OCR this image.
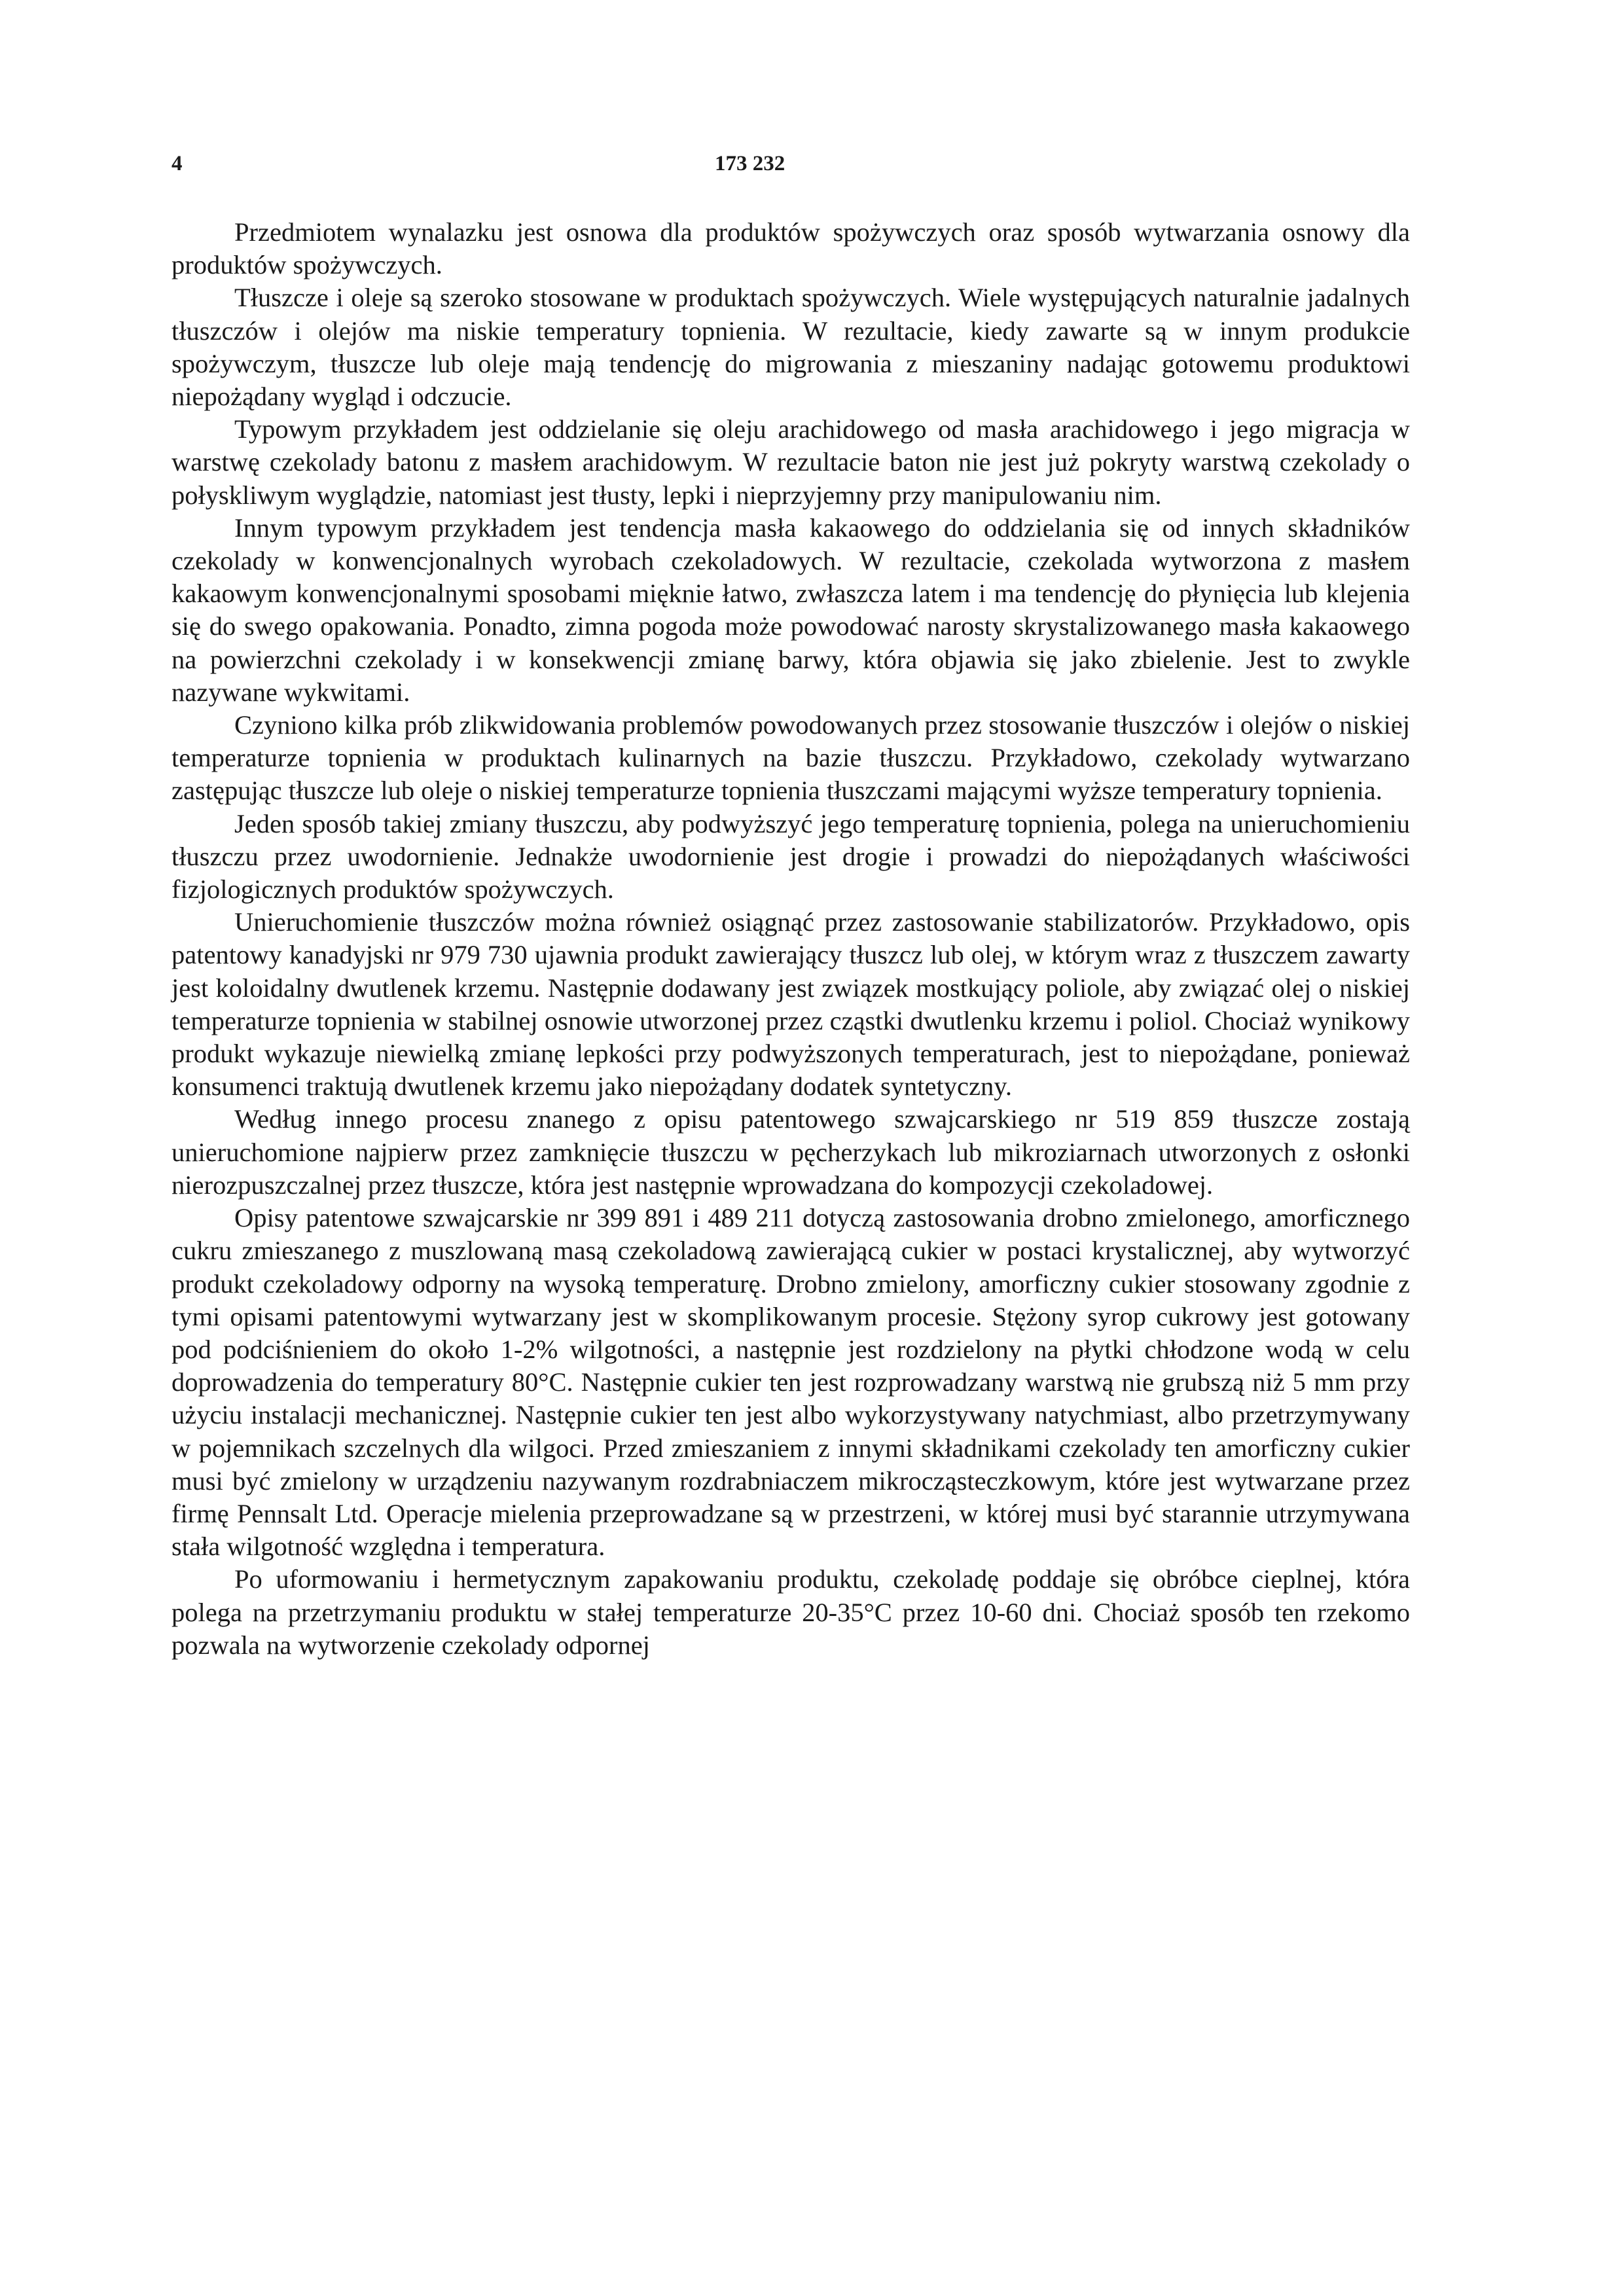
4	173 232

Przedmiotem wynalazku jest osnowa dla produktów spożywczych oraz sposób wytwarzania osnowy dla produktów spożywczych.

Tłuszcze i oleje są szeroko stosowane w produktach spożywczych. Wiele występujących naturalnie jadalnych tłuszczów i olejów ma niskie temperatury topnienia. W rezultacie, kiedy zawarte są w innym produkcie spożywczym, tłuszcze lub oleje mają tendencję do migrowania z mieszaniny nadając gotowemu produktowi niepożądany wygląd i odczucie.

Typowym przykładem jest oddzielanie się oleju arachidowego od masła arachidowego i jego migracja w warstwę czekolady batonu z masłem arachidowym. W rezultacie baton nie jest już pokryty warstwą czekolady o połyskliwym wyglądzie, natomiast jest tłusty, lepki i nieprzyjemny przy manipulowaniu nim.

Innym typowym przykładem jest tendencja masła kakaowego do oddzielania się od innych składników czekolady w konwencjonalnych wyrobach czekoladowych. W rezultacie, czekolada wytworzona z masłem kakaowym konwencjonalnymi sposobami mięknie łatwo, zwłaszcza latem i ma tendencję do płynięcia lub klejenia się do swego opakowania. Ponadto, zimna pogoda może powodować narosty skrystalizowanego masła kakaowego na powierzchni czekolady i w konsekwencji zmianę barwy, która objawia się jako zbielenie. Jest to zwykle nazywane wykwitami.

Czyniono kilka prób zlikwidowania problemów powodowanych przez stosowanie tłuszczów i olejów o niskiej temperaturze topnienia w produktach kulinarnych na bazie tłuszczu. Przykładowo, czekolady wytwarzano zastępując tłuszcze lub oleje o niskiej temperaturze topnienia tłuszczami mającymi wyższe temperatury topnienia.

Jeden sposób takiej zmiany tłuszczu, aby podwyższyć jego temperaturę topnienia, polega na unieruchomieniu tłuszczu przez uwodornienie. Jednakże uwodornienie jest drogie i prowadzi do niepożądanych właściwości fizjologicznych produktów spożywczych.

Unieruchomienie tłuszczów można również osiągnąć przez zastosowanie stabilizatorów. Przykładowo, opis patentowy kanadyjski nr 979 730 ujawnia produkt zawierający tłuszcz lub olej, w którym wraz z tłuszczem zawarty jest koloidalny dwutlenek krzemu. Następnie dodawany jest związek mostkujący poliole, aby związać olej o niskiej temperaturze topnienia w stabilnej osnowie utworzonej przez cząstki dwutlenku krzemu i poliol. Chociaż wynikowy produkt wykazuje niewielką zmianę lepkości przy podwyższonych temperaturach, jest to niepożądane, ponieważ konsumenci traktują dwutlenek krzemu jako niepożądany dodatek syntetyczny.

Według innego procesu znanego z opisu patentowego szwajcarskiego nr 519 859 tłuszcze zostają unieruchomione najpierw przez zamknięcie tłuszczu w pęcherzykach lub mikroziarnach utworzonych z osłonki nierozpuszczalnej przez tłuszcze, która jest następnie wprowadzana do kompozycji czekoladowej.

Opisy patentowe szwajcarskie nr 399 891 i 489 211 dotyczą zastosowania drobno zmielonego, amorficznego cukru zmieszanego z muszlowaną masą czekoladową zawierającą cukier w postaci krystalicznej, aby wytworzyć produkt czekoladowy odporny na wysoką temperaturę. Drobno zmielony, amorficzny cukier stosowany zgodnie z tymi opisami patentowymi wytwarzany jest w skomplikowanym procesie. Stężony syrop cukrowy jest gotowany pod podciśnieniem do około 1-2% wilgotności, a następnie jest rozdzielony na płytki chłodzone wodą w celu doprowadzenia do temperatury 80°C. Następnie cukier ten jest rozprowadzany warstwą nie grubszą niż 5 mm przy użyciu instalacji mechanicznej. Następnie cukier ten jest albo wykorzystywany natychmiast, albo przetrzymywany w pojemnikach szczelnych dla wilgoci. Przed zmieszaniem z innymi składnikami czekolady ten amorficzny cukier musi być zmielony w urządzeniu nazywanym rozdrabniaczem mikrocząsteczkowym, które jest wytwarzane przez firmę Pennsalt Ltd. Operacje mielenia przeprowadzane są w przestrzeni, w której musi być starannie utrzymywana stała wilgotność względna i temperatura.

Po uformowaniu i hermetycznym zapakowaniu produktu, czekoladę poddaje się obróbce cieplnej, która polega na przetrzymaniu produktu w stałej temperaturze 20-35°C przez 10-60 dni. Chociaż sposób ten rzekomo pozwala na wytworzenie czekolady odpornej
